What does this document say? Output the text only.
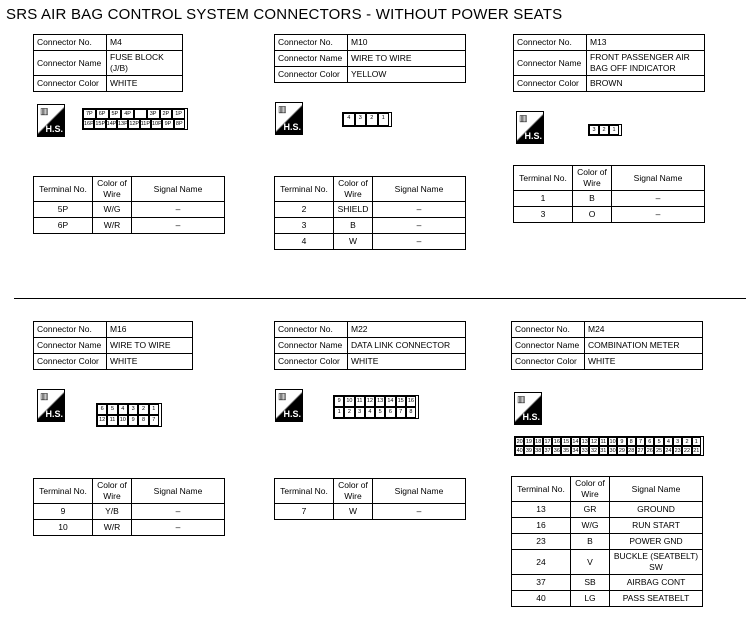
SRS AIR BAG CONTROL SYSTEM CONNECTORS - WITHOUT POWER SEATS
Connector No.	M4
Connector Name	FUSE BLOCK (J/B)
Connector Color	WHITE
▥
H.S.
7P	6P	5P	4P	3P	2P	1P
16P 15P 14P 13P 12P 11P 10P 9P 8P
Terminal No.	Color of Wire	Signal Name
5P	W/G	–
6P	W/R	–
Connector No.	M10
Connector Name	WIRE TO WIRE
Connector Color	YELLOW
▥
H.S.
4	3	2	1
Terminal No.	Color of Wire	Signal Name
2	SHIELD	–
3	B	–
4	W	–
Connector No.	M13
Connector Name	FRONT PASSENGER AIR BAG OFF INDICATOR
Connector Color	BROWN
▥
H.S.
3	2	1
Terminal No.	Color of Wire	Signal Name
1	B	–
3	O	–
Connector No.	M16
Connector Name	WIRE TO WIRE
Connector Color	WHITE
▥
H.S.	6	5	4	3	2	1
12 11 10	9	8	7
Terminal No.	Color of Wire	Signal Name
9	Y/B	–
10	W/R	–
Connector No.	M22
Connector Name	DATA LINK CONNECTOR
Connector Color	WHITE
▥
H.S.
9	10 11 12 13 14 15 16
1	2	3	4	5	6	7	8
Terminal No.	Color of Wire	Signal Name
7	W	–
Connector No.	M24
Connector Name	COMBINATION METER
Connector Color	WHITE
▥
H.S.
20 19 18 17 16 15 14 13 12 11 10 9	8	7	6	5	4	3	2	1
40 39 38 37 36 35 34 33 32 31 30 29 28 27 26 25 24 23 22 21
Terminal No.	Color of Wire	Signal Name
13	GR	GROUND
16	W/G	RUN START
23	B	POWER GND
24	V	BUCKLE (SEATBELT) SW
37	SB	AIRBAG CONT
40	LG	PASS SEATBELT
